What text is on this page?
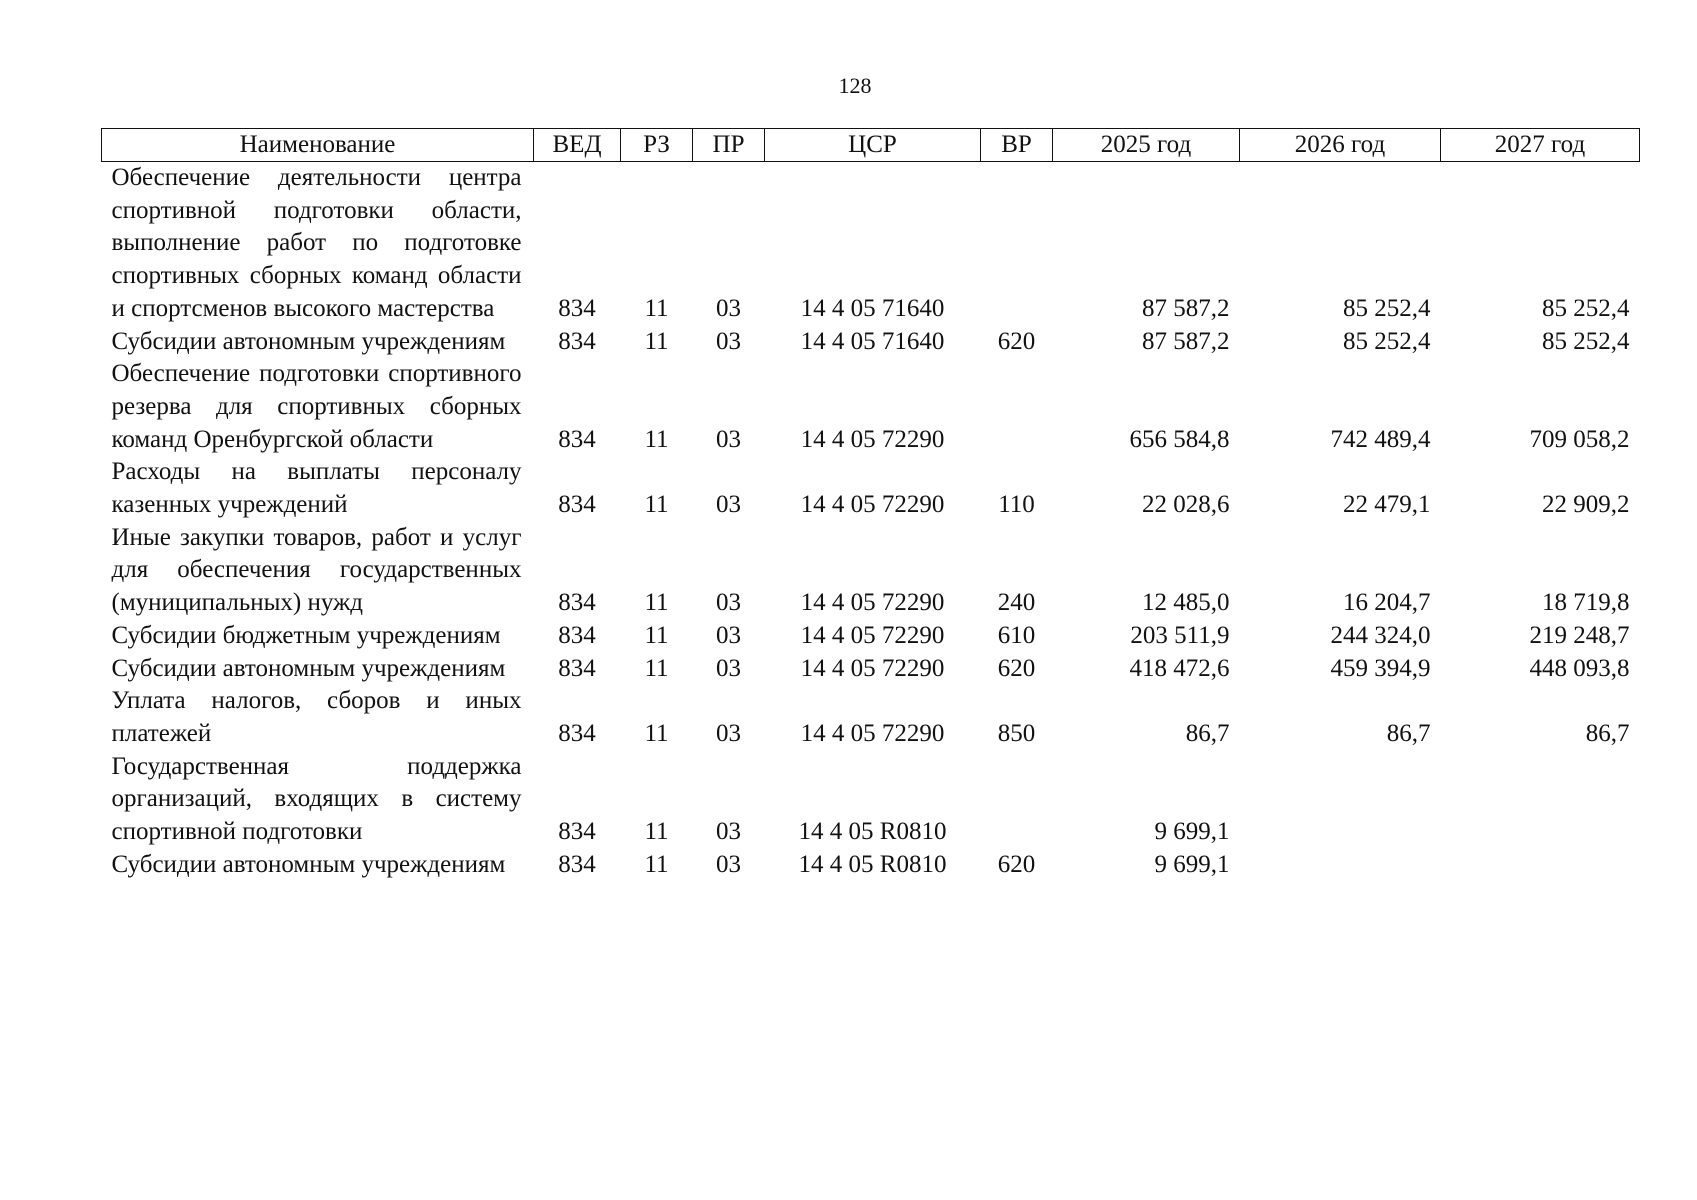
128
Наименование	ВЕД	РЗ	ПР	ЦСР	ВР	2025 год	2026 год	2027 год
Обеспечение деятельности центра спортивной подготовки области, выполнение работ по подготовке спортивных сборных команд области и спортсменов высокого мастерства	834	11	03	14 4 05 71640		87 587,2	85 252,4	85 252,4
Субсидии автономным учреждениям	834	11	03	14 4 05 71640	620	87 587,2	85 252,4	85 252,4
Обеспечение подготовки спортивного резерва для спортивных сборных команд Оренбургской области	834	11	03	14 4 05 72290		656 584,8	742 489,4	709 058,2
Расходы на выплаты персоналу казенных учреждений	834	11	03	14 4 05 72290	110	22 028,6	22 479,1	22 909,2
Иные закупки товаров, работ и услуг для обеспечения государственных (муниципальных) нужд	834	11	03	14 4 05 72290	240	12 485,0	16 204,7	18 719,8
Субсидии бюджетным учреждениям	834	11	03	14 4 05 72290	610	203 511,9	244 324,0	219 248,7
Субсидии автономным учреждениям	834	11	03	14 4 05 72290	620	418 472,6	459 394,9	448 093,8
Уплата налогов, сборов и иных платежей	834	11	03	14 4 05 72290	850	86,7	86,7	86,7
Государственная поддержка организаций, входящих в систему спортивной подготовки	834	11	03	14 4 05 R0810		9 699,1		
Субсидии автономным учреждениям	834	11	03	14 4 05 R0810	620	9 699,1		
